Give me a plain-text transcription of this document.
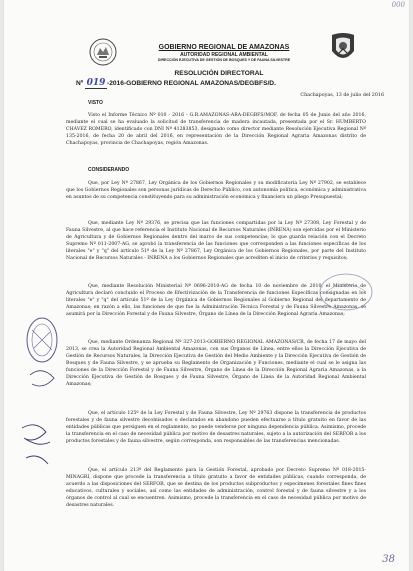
000
GOBIERNO REGIONAL DE AMAZONAS
AUTORIDAD REGIONAL AMBIENTAL
DIRECCIÓN EJECUTIVA DE GESTIÓN DE BOSQUES Y DE FAUNA SILVESTRE
RESOLUCIÓN DIRECTORAL
Nº 019 -2016-GOBIERNO REGIONAL AMAZONAS/DEGBFS/D.
Chachapoyas, 13 de julio del 2016
VISTO
Visto el Informe Técnico Nº 010 - 2016 - G.R.AMAZONAS-ARA-DEGBFS/MOF, de fecha 05 de Junio del año 2016, mediante el cual se ha evaluado la solicitud de transferencia de madera incautada, presentada por el Sr. HUMBERTO CHAVEZ ROMERO, identificado con DNI Nº 41283853, designado como director mediante Resolución Ejecutiva Regional Nº 135-2016, de fecha 20 de abril del 2016, en representación de la Dirección Regional Agraria Amazonas distrito de Chachapoyas, provincia de Chachapoyas, región Amazonas.
CONSIDERANDO
Que, por Ley Nº 27867, Ley Orgánica de los Gobiernos Regionales y su modificatoria Ley Nº 27902, se establece que los Gobiernos Regionales son personas jurídicas de Derecho Público, con autonomía política, económica y administrativa en asuntos de su competencia constituyendo para su administración económica y financiera un pliego Presupuestal;
Que, mediante Ley Nº 29376, se precisa que las funciones compartidas por la Ley Nº 27308, Ley Forestal y de Fauna Silvestre, al que hace referencia el Instituto Nacional de Recursos Naturales (INRENA) son ejercidas por el Ministerio de Agricultura y de Gobiernos Regionales dentro del marco de sus competencias; lo que guarda relación con el Decreto Supremo Nº 011-2007-AG, se aprobó la transferencia de las funciones que corresponden a las funciones específicas de los literales "e" y "q" del artículo 51º de la Ley Nº 27867, Ley Orgánica de los Gobiernos Regionales, por parte del Instituto Nacional de Recursos Naturales - INRENA a los Gobiernos Regionales que acrediten el inicio de criterios y requisitos;
Que, mediante Resolución Ministerial Nº 0696-2010-AG de fecha 10 de noviembre de 2010, el Ministerio de Agricultura declaró concluido el Proceso de Efectivización de la Transferencia de funciones Específicas consignadas en los literales "e" y "q" del artículo 51º de la Ley Orgánica de Gobiernos Regionales al Gobierno Regional del departamento de Amazonas; en razón a ello, las funciones de que fue la Administración Técnica Forestal y de Fauna Silvestre Amazonas, se asumirá por la Dirección Forestal y de Fauna Silvestre, Órgano de Línea de la Dirección Regional Agraria Amazonas;
Que, mediante Ordenanza Regional Nº 327-2013-GOBIERNO REGIONAL AMAZONAS/CR, de fecha 17 de mayo del 2013, se crea la Autoridad Regional Ambiental Amazonas, con sus Órganos de Línea, entre ellos la Dirección Ejecutiva de Gestión de Recursos Naturales, la Dirección Ejecutiva de Gestión del Medio Ambiente y la Dirección Ejecutiva de Gestión de Bosques y de Fauna Silvestre, y se aprueba su Reglamento de Organización y Funciones, mediante el cual se le asigna las funciones de la Dirección Forestal y de Fauna Silvestre, Órgano de Línea de la Dirección Regional Agraria Amazonas, a la Dirección Ejecutiva de Gestión de Bosques y de Fauna Silvestre, Órgano de Línea de la Autoridad Regional Ambiental Amazonas;
Que, el artículo 125º de la Ley Forestal y de Fauna Silvestre, Ley Nº 29763 dispone la transferencia de productos forestales y de fauna silvestre decomisados o declarados en abandono pueden efectuarse a título gratuito en favor de las entidades públicas que persiguen en el reglamento, no puede venderse por ninguna dependencia pública. Asimismo, procede la transferencia en el caso de necesidad pública por motivo de desastres naturales, sujeto a la autorización del SERFOR a los productos forestales y de fauna silvestre, según corresponda, son responsables de las transferencias mencionadas.
Que, el artículo 213º del Reglamento para la Gestión Forestal, aprobado por Decreto Supremo Nº 018-2015-MINAGRI, dispone que procede la transferencia a título gratuito a favor de entidades públicas, cuando corresponda, de acuerdo a las disposiciones del SERFOR, que se destina de los productos subproductos y especímenes forestales fines fines educativos, culturales y sociales, así como las entidades de administración, control forestal y de fauna silvestre y a los órganos de control al cual se encuentren. Asimismo, procede la transferencia en el caso de necesidad pública por motivo de desastres naturales.
38
